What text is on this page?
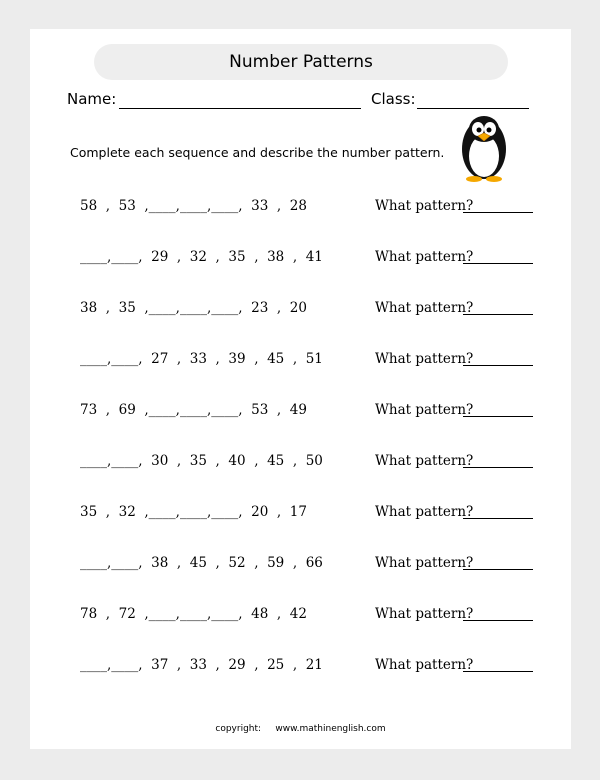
Number Patterns
Name:	Class:
Complete each sequence and describe the number pattern.
58  ,  53  ,____,____,____,  33  ,  28	What pattern?
____,____,  29  ,  32  ,  35  ,  38  ,  41	What pattern?
38  ,  35  ,____,____,____,  23  ,  20	What pattern?
____,____,  27  ,  33  ,  39  ,  45  ,  51	What pattern?
73  ,  69  ,____,____,____,  53  ,  49	What pattern?
____,____,  30  ,  35  ,  40  ,  45  ,  50	What pattern?
35  ,  32  ,____,____,____,  20  ,  17	What pattern?
____,____,  38  ,  45  ,  52  ,  59  ,  66	What pattern?
78  ,  72  ,____,____,____,  48  ,  42	What pattern?
____,____,  37  ,  33  ,  29  ,  25  ,  21	What pattern?
copyright:     www.mathinenglish.com
